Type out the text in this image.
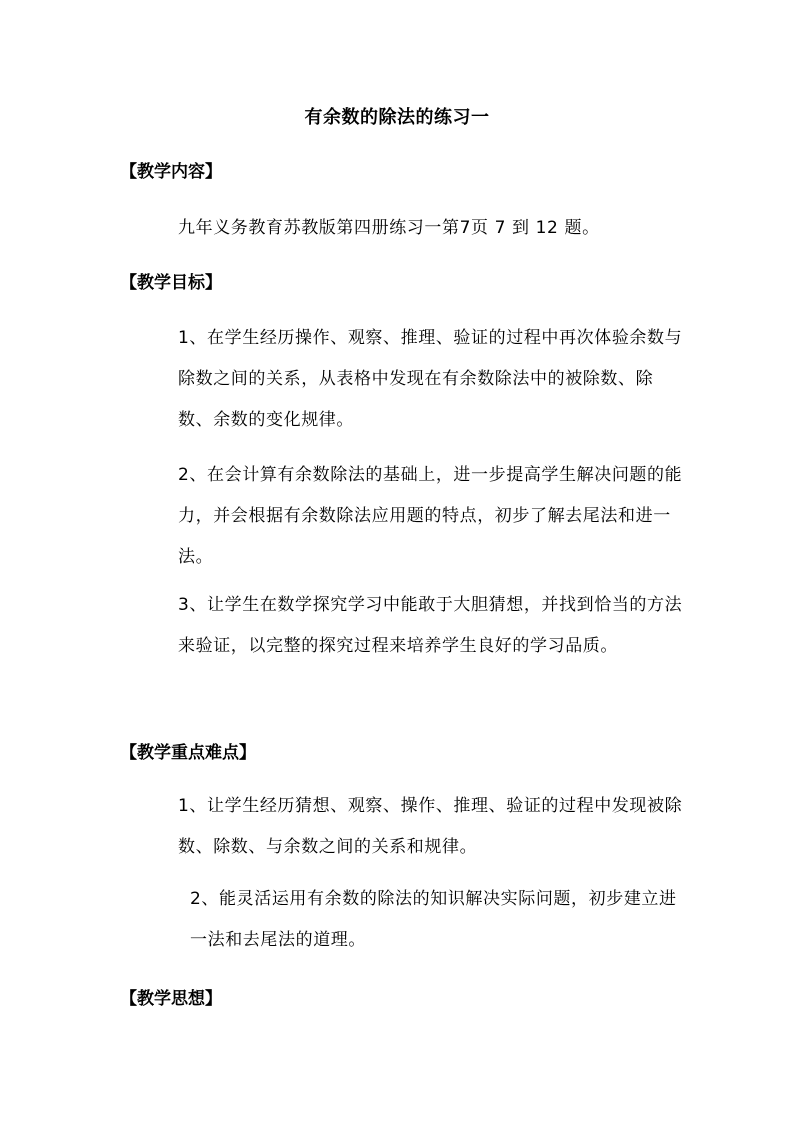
有余数的除法的练习一
【教学内容】
九年义务教育苏教版第四册练习一第7页 7 到 12 题。
【教学目标】
1、在学生经历操作、观察、推理、验证的过程中再次体验余数与除数之间的关系，从表格中发现在有余数除法中的被除数、除数、余数的变化规律。
2、在会计算有余数除法的基础上，进一步提高学生解决问题的能力，并会根据有余数除法应用题的特点，初步了解去尾法和进一法。
3、让学生在数学探究学习中能敢于大胆猜想，并找到恰当的方法来验证，以完整的探究过程来培养学生良好的学习品质。
【教学重点难点】
1、让学生经历猜想、观察、操作、推理、验证的过程中发现被除数、除数、与余数之间的关系和规律。
2、能灵活运用有余数的除法的知识解决实际问题，初步建立进一法和去尾法的道理。
【教学思想】
